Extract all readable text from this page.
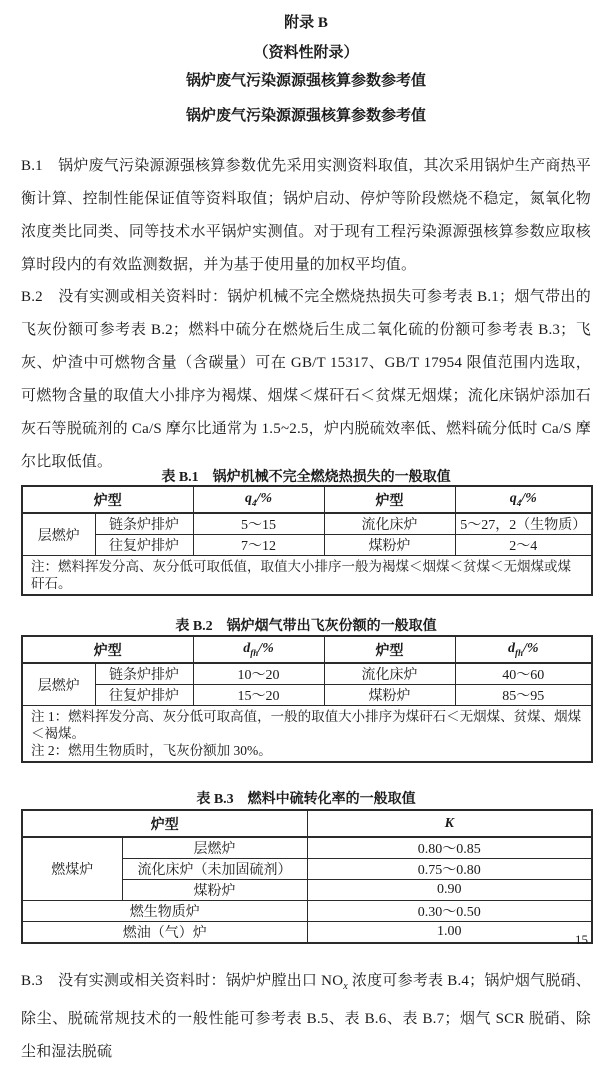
附录 B
（资料性附录）
锅炉废气污染源源强核算参数参考值
锅炉废气污染源源强核算参数参考值

B.1　锅炉废气污染源源强核算参数优先采用实测资料取值，其次采用锅炉生产商热平衡计算、控制性能保证值等资料取值；锅炉启动、停炉等阶段燃烧不稳定，氮氧化物浓度类比同类、同等技术水平锅炉实测值。对于现有工程污染源源强核算参数应取核算时段内的有效监测数据，并为基于使用量的加权平均值。

B.2　没有实测或相关资料时：锅炉机械不完全燃烧热损失可参考表 B.1；烟气带出的飞灰份额可参考表 B.2；燃料中硫分在燃烧后生成二氧化硫的份额可参考表 B.3；飞灰、炉渣中可燃物含量（含碳量）可在 GB/T 15317、GB/T 17954 限值范围内选取，可燃物含量的取值大小排序为褐煤、烟煤＜煤矸石＜贫煤无烟煤；流化床锅炉添加石灰石等脱硫剂的 Ca/S 摩尔比通常为 1.5~2.5，炉内脱硫效率低、燃料硫分低时 Ca/S 摩尔比取低值。

表 B.1　锅炉机械不完全燃烧热损失的一般取值
炉型		$q_4/\%$	炉型	$q_4/\%$
层燃炉	链条炉排炉	5～15	流化床炉	5～27，2（生物质）
	往复炉排炉	7～12	煤粉炉	2～4
注：燃料挥发分高、灰分低可取低值，取值大小排序一般为褐煤＜烟煤＜贫煤＜无烟煤或煤矸石。				
表 B.2　锅炉烟气带出飞灰份额的一般取值
炉型		$d_{fh}/\%$	炉型	$d_{fh}/\%$
层燃炉	链条炉排炉	10～20	流化床炉	40～60
	往复炉排炉	15～20	煤粉炉	85～95

注 1：燃料挥发分高、灰分低可取高值，一般的取值大小排序为煤矸石＜无烟煤、贫煤、烟煤＜褐煤。
注 2：燃用生物质时，飞灰份额加 30%。				
表 B.3　燃料中硫转化率的一般取值
炉型		K
燃煤炉	层燃炉	0.80～0.85
	流化床炉（未加固硫剂）	0.75～0.80
	煤粉炉	0.90
燃生物质炉		0.30～0.50
燃油（气）炉		1.00

B.3　没有实测或相关资料时：锅炉炉膛出口 $NO_x$ 浓度可参考表 B.4；锅炉烟气脱硝、除尘、脱硫常规技术的一般性能可参考表 B.5、表 B.6、表 B.7；烟气 SCR 脱硝、除尘和湿法脱硫

15
